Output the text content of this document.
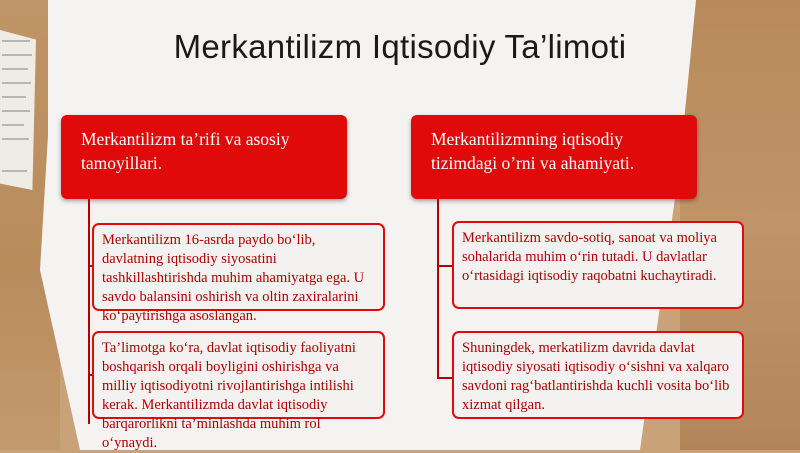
Merkantilizm Iqtisodiy Ta’limoti
Merkantilizm ta’rifi va asosiy tamoyillari.
Merkantilizm 16-asrda paydo bo‘lib, davlatning iqtisodiy siyosatini tashkillashtirishda muhim ahamiyatga ega. U savdo balansini oshirish va oltin zaxiralarini ko‘paytirishga asoslangan.
Ta’limotga ko‘ra, davlat iqtisodiy faoliyatni boshqarish orqali boyligini oshirishga va milliy iqtisodiyotni rivojlantirishga intilishi kerak. Merkantilizmda davlat iqtisodiy barqarorlikni ta’minlashda muhim rol o‘ynaydi.
Merkantilizmning iqtisodiy tizimdagi o’rni va ahamiyati.
Merkantilizm savdo-sotiq, sanoat va moliya sohalarida muhim o‘rin tutadi. U davlatlar o‘rtasidagi iqtisodiy raqobatni kuchaytiradi.
Shuningdek, merkatilizm davrida davlat iqtisodiy siyosati iqtisodiy o‘sishni va xalqaro savdoni rag‘batlantirishda kuchli vosita bo‘lib xizmat qilgan.
